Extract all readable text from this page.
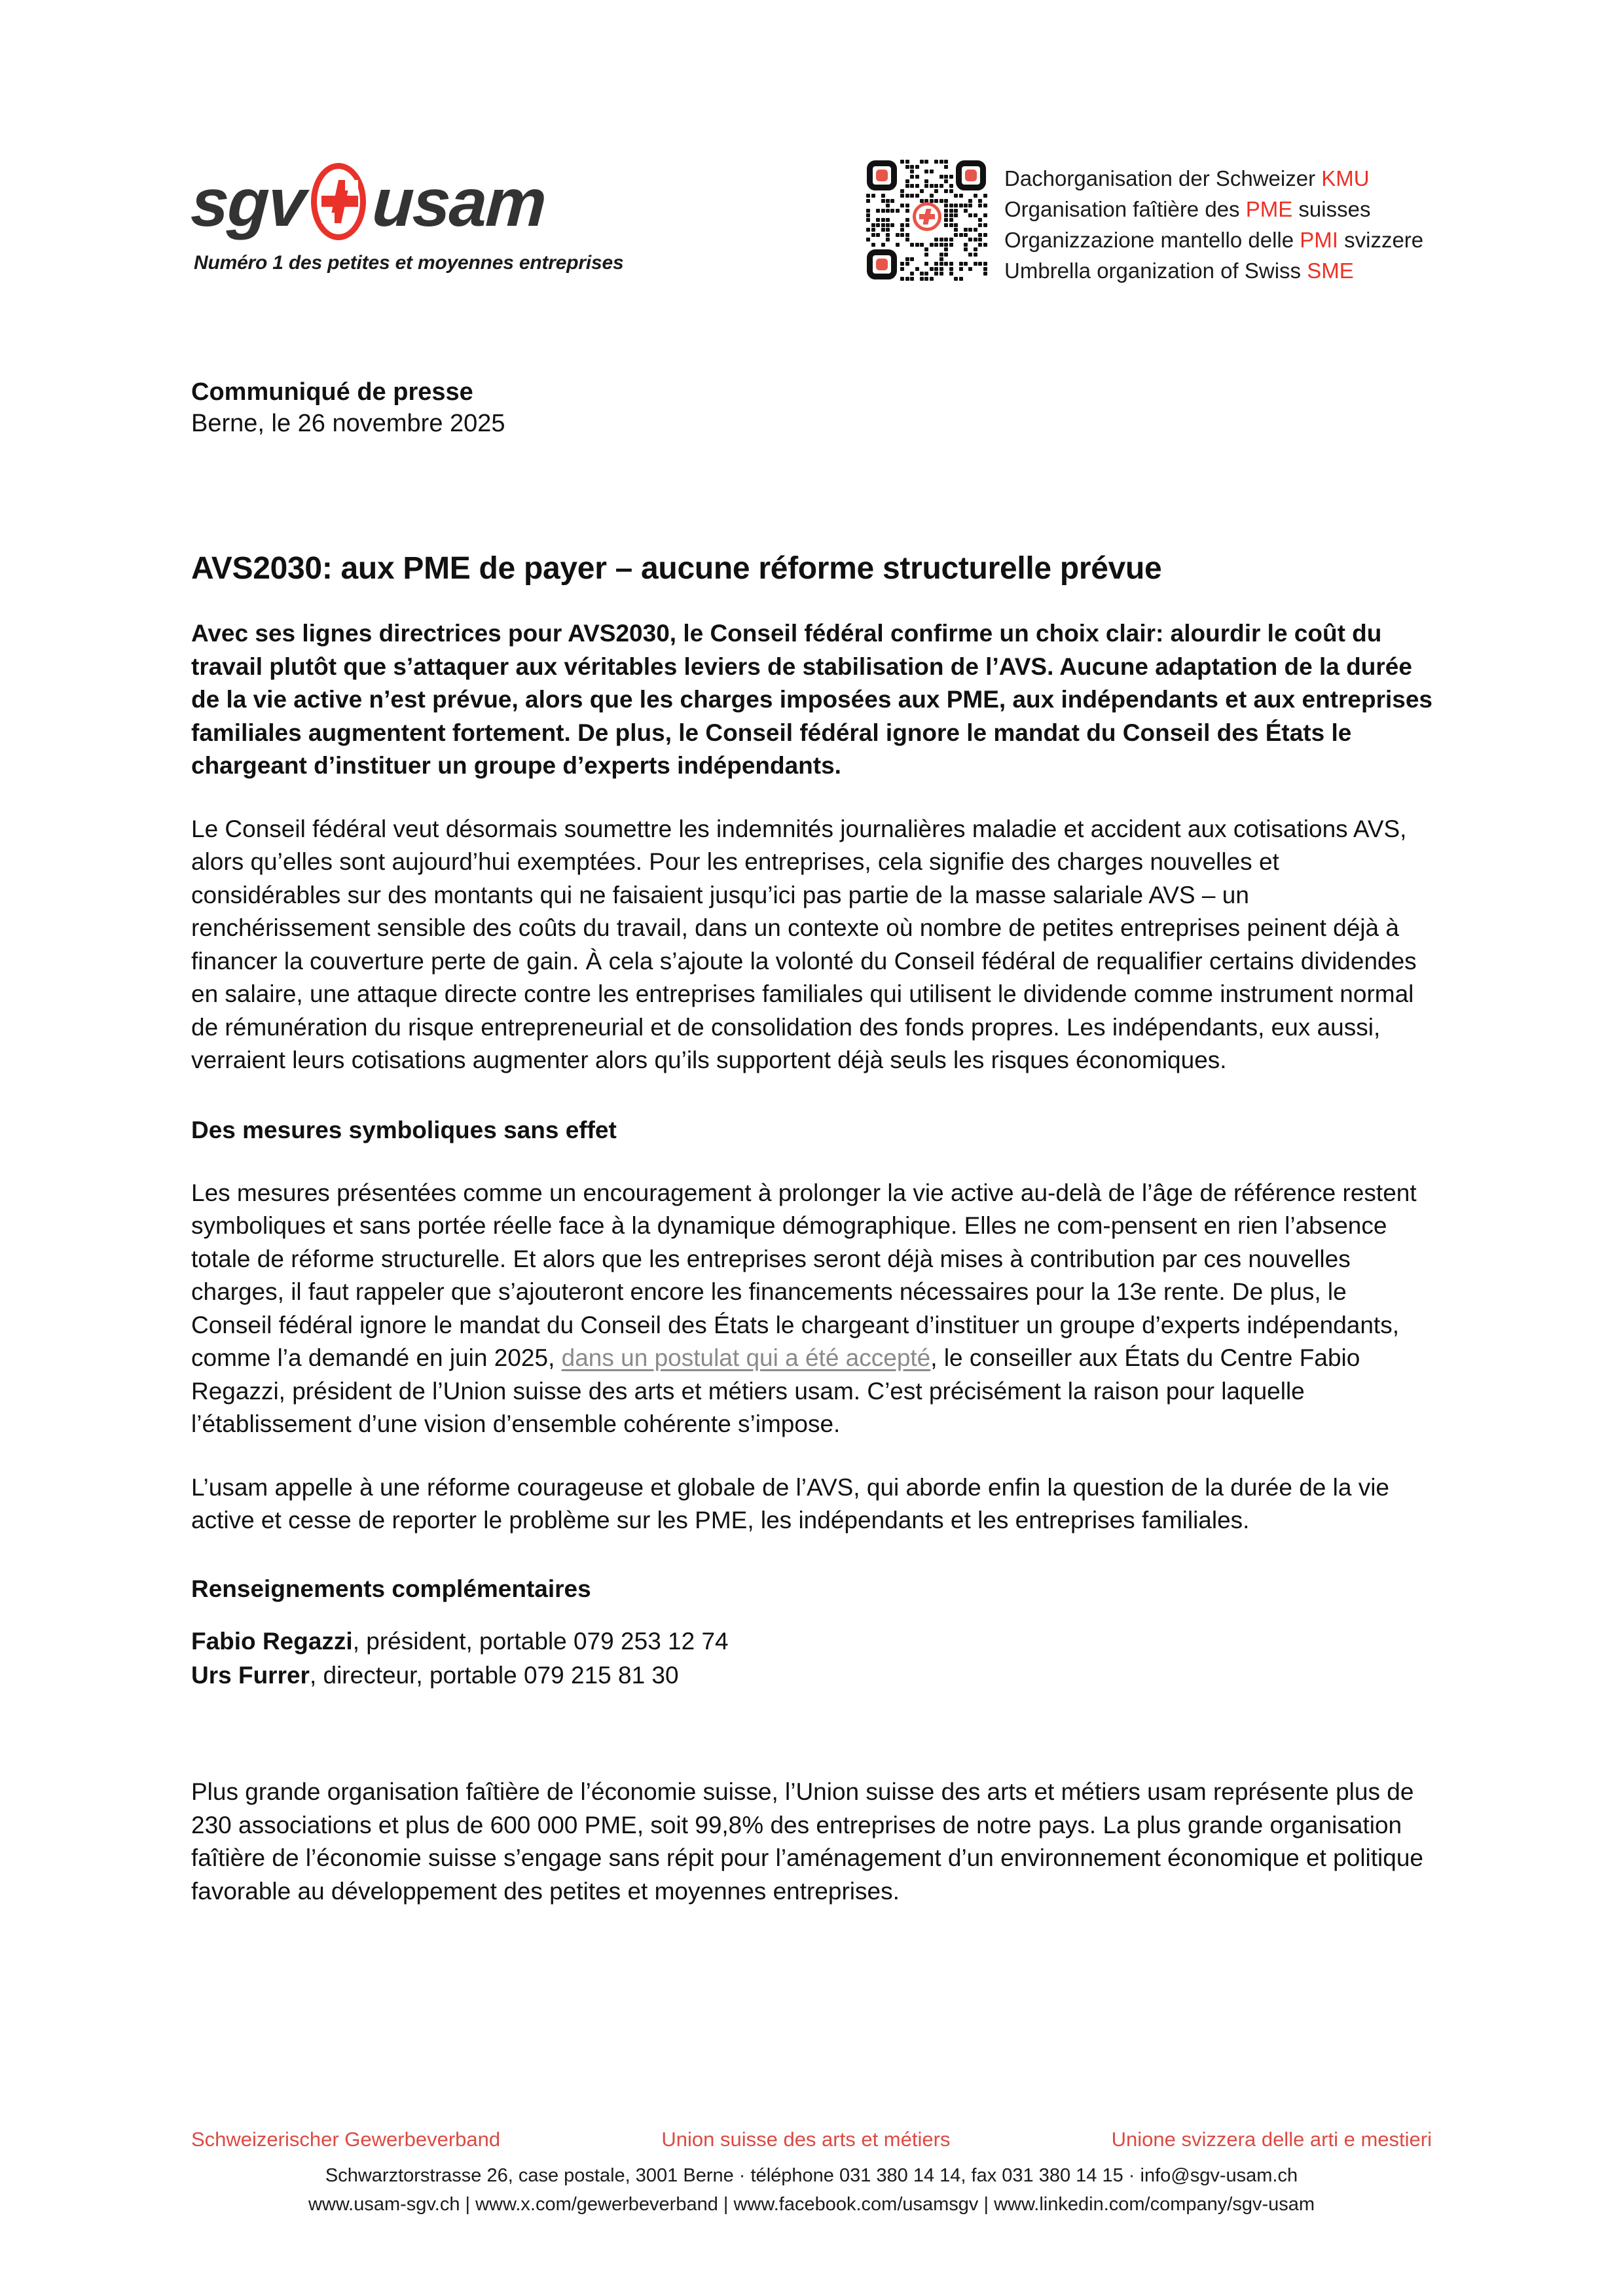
sgv usam
Numéro 1 des petites et moyennes entreprises
Dachorganisation der Schweizer KMU
Organisation faîtière des PME suisses
Organizzazione mantello delle PMI svizzere
Umbrella organization of Swiss SME
Communiqué de presse
Berne, le 26 novembre 2025
AVS2030: aux PME de payer – aucune réforme structurelle prévue

Avec ses lignes directrices pour AVS2030, le Conseil fédéral confirme un choix clair: alourdir le coût du travail plutôt que s’attaquer aux véritables leviers de stabilisation de l’AVS. Aucune adaptation de la durée de la vie active n’est prévue, alors que les charges imposées aux PME, aux indépendants et aux entreprises familiales augmentent fortement. De plus, le Conseil fédéral ignore le mandat du Conseil des États le chargeant d’instituer un groupe d’experts indépendants.

Le Conseil fédéral veut désormais soumettre les indemnités journalières maladie et accident aux cotisations AVS, alors qu’elles sont aujourd’hui exemptées. Pour les entreprises, cela signifie des charges nouvelles et considérables sur des montants qui ne faisaient jusqu’ici pas partie de la masse salariale AVS – un renchérissement sensible des coûts du travail, dans un contexte où nombre de petites entreprises peinent déjà à financer la couverture perte de gain. À cela s’ajoute la volonté du Conseil fédéral de requalifier certains dividendes en salaire, une attaque directe contre les entreprises familiales qui utilisent le dividende comme instrument normal de rémunération du risque entrepreneurial et de consolidation des fonds propres. Les indépendants, eux aussi, verraient leurs cotisations augmenter alors qu’ils supportent déjà seuls les risques économiques.

Des mesures symboliques sans effet

Les mesures présentées comme un encouragement à prolonger la vie active au-delà de l’âge de référence restent symboliques et sans portée réelle face à la dynamique démographique. Elles ne com-pensent en rien l’absence totale de réforme structurelle. Et alors que les entreprises seront déjà mises à contribution par ces nouvelles charges, il faut rappeler que s’ajouteront encore les financements nécessaires pour la 13e rente. De plus, le Conseil fédéral ignore le mandat du Conseil des États le chargeant d’instituer un groupe d’experts indépendants, comme l’a demandé en juin 2025, dans un postulat qui a été accepté, le conseiller aux États du Centre Fabio Regazzi, président de l’Union suisse des arts et métiers usam. C’est précisément la raison pour laquelle l’établissement d’une vision d’ensemble cohérente s’impose.

L’usam appelle à une réforme courageuse et globale de l’AVS, qui aborde enfin la question de la durée de la vie active et cesse de reporter le problème sur les PME, les indépendants et les entreprises familiales.

Renseignements complémentaires
Fabio Regazzi, président, portable 079 253 12 74
Urs Furrer, directeur, portable 079 215 81 30

Plus grande organisation faîtière de l’économie suisse, l’Union suisse des arts et métiers usam représente plus de 230 associations et plus de 600 000 PME, soit 99,8% des entreprises de notre pays. La plus grande organisation faîtière de l’économie suisse s’engage sans répit pour l’aménagement d’un environnement économique et politique favorable au développement des petites et moyennes entreprises.

Schweizerischer Gewerbeverband	Union suisse des arts et métiers	Unione svizzera delle arti e mestieri
Schwarztorstrasse 26, case postale, 3001 Berne · téléphone 031 380 14 14, fax 031 380 14 15 · info@sgv-usam.ch
www.usam-sgv.ch | www.x.com/gewerbeverband | www.facebook.com/usamsgv | www.linkedin.com/company/sgv-usam
